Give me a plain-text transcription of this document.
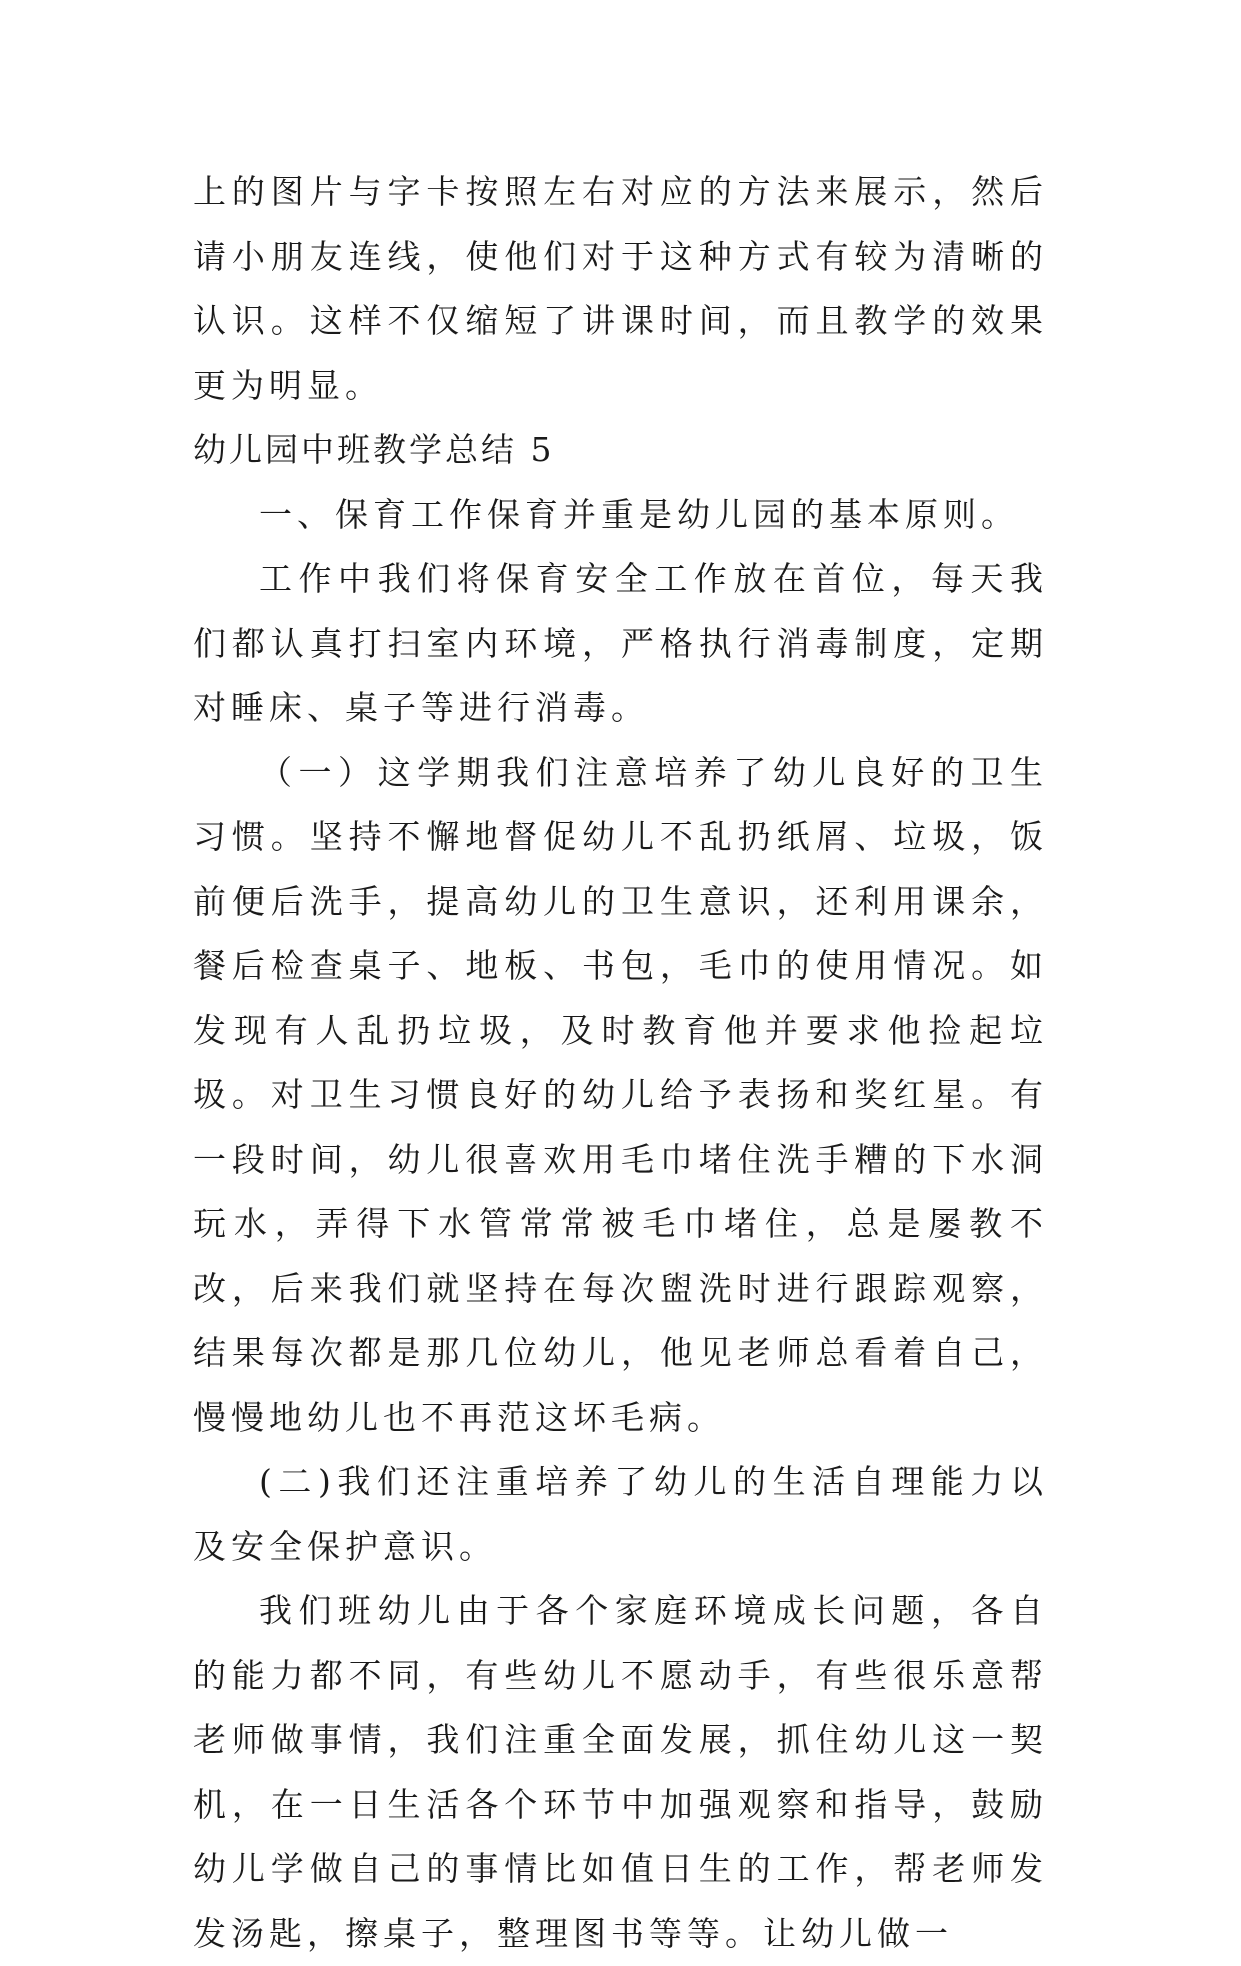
上的图片与字卡按照左右对应的方法来展示，然后请小朋友连线，使他们对于这种方式有较为清晰的认识。这样不仅缩短了讲课时间，而且教学的效果更为明显。

幼儿园中班教学总结 5

一、保育工作保育并重是幼儿园的基本原则。

工作中我们将保育安全工作放在首位，每天我们都认真打扫室内环境，严格执行消毒制度，定期对睡床、桌子等进行消毒。

（一）这学期我们注意培养了幼儿良好的卫生习惯。坚持不懈地督促幼儿不乱扔纸屑、垃圾，饭前便后洗手，提高幼儿的卫生意识，还利用课余，餐后检查桌子、地板、书包，毛巾的使用情况。如发现有人乱扔垃圾，及时教育他并要求他捡起垃圾。对卫生习惯良好的幼儿给予表扬和奖红星。有一段时间，幼儿很喜欢用毛巾堵住洗手糟的下水洞玩水，弄得下水管常常被毛巾堵住，总是屡教不改，后来我们就坚持在每次盥洗时进行跟踪观察，结果每次都是那几位幼儿，他见老师总看着自己，慢慢地幼儿也不再范这坏毛病。

(二)我们还注重培养了幼儿的生活自理能力以及安全保护意识。

我们班幼儿由于各个家庭环境成长问题，各自的能力都不同，有些幼儿不愿动手，有些很乐意帮老师做事情，我们注重全面发展，抓住幼儿这一契机，在一日生活各个环节中加强观察和指导，鼓励幼儿学做自己的事情比如值日生的工作，帮老师发发汤匙，擦桌子，整理图书等等。让幼儿做一
